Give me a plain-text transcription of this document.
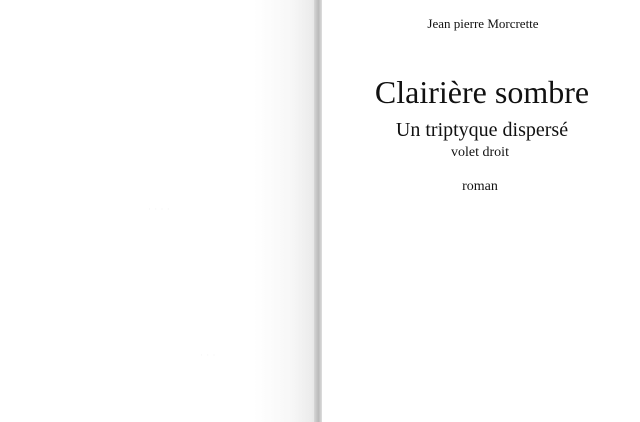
· · · ·
· · ·
Jean pierre Morcrette
Clairière sombre
Un triptyque dispersé
volet droit
roman
